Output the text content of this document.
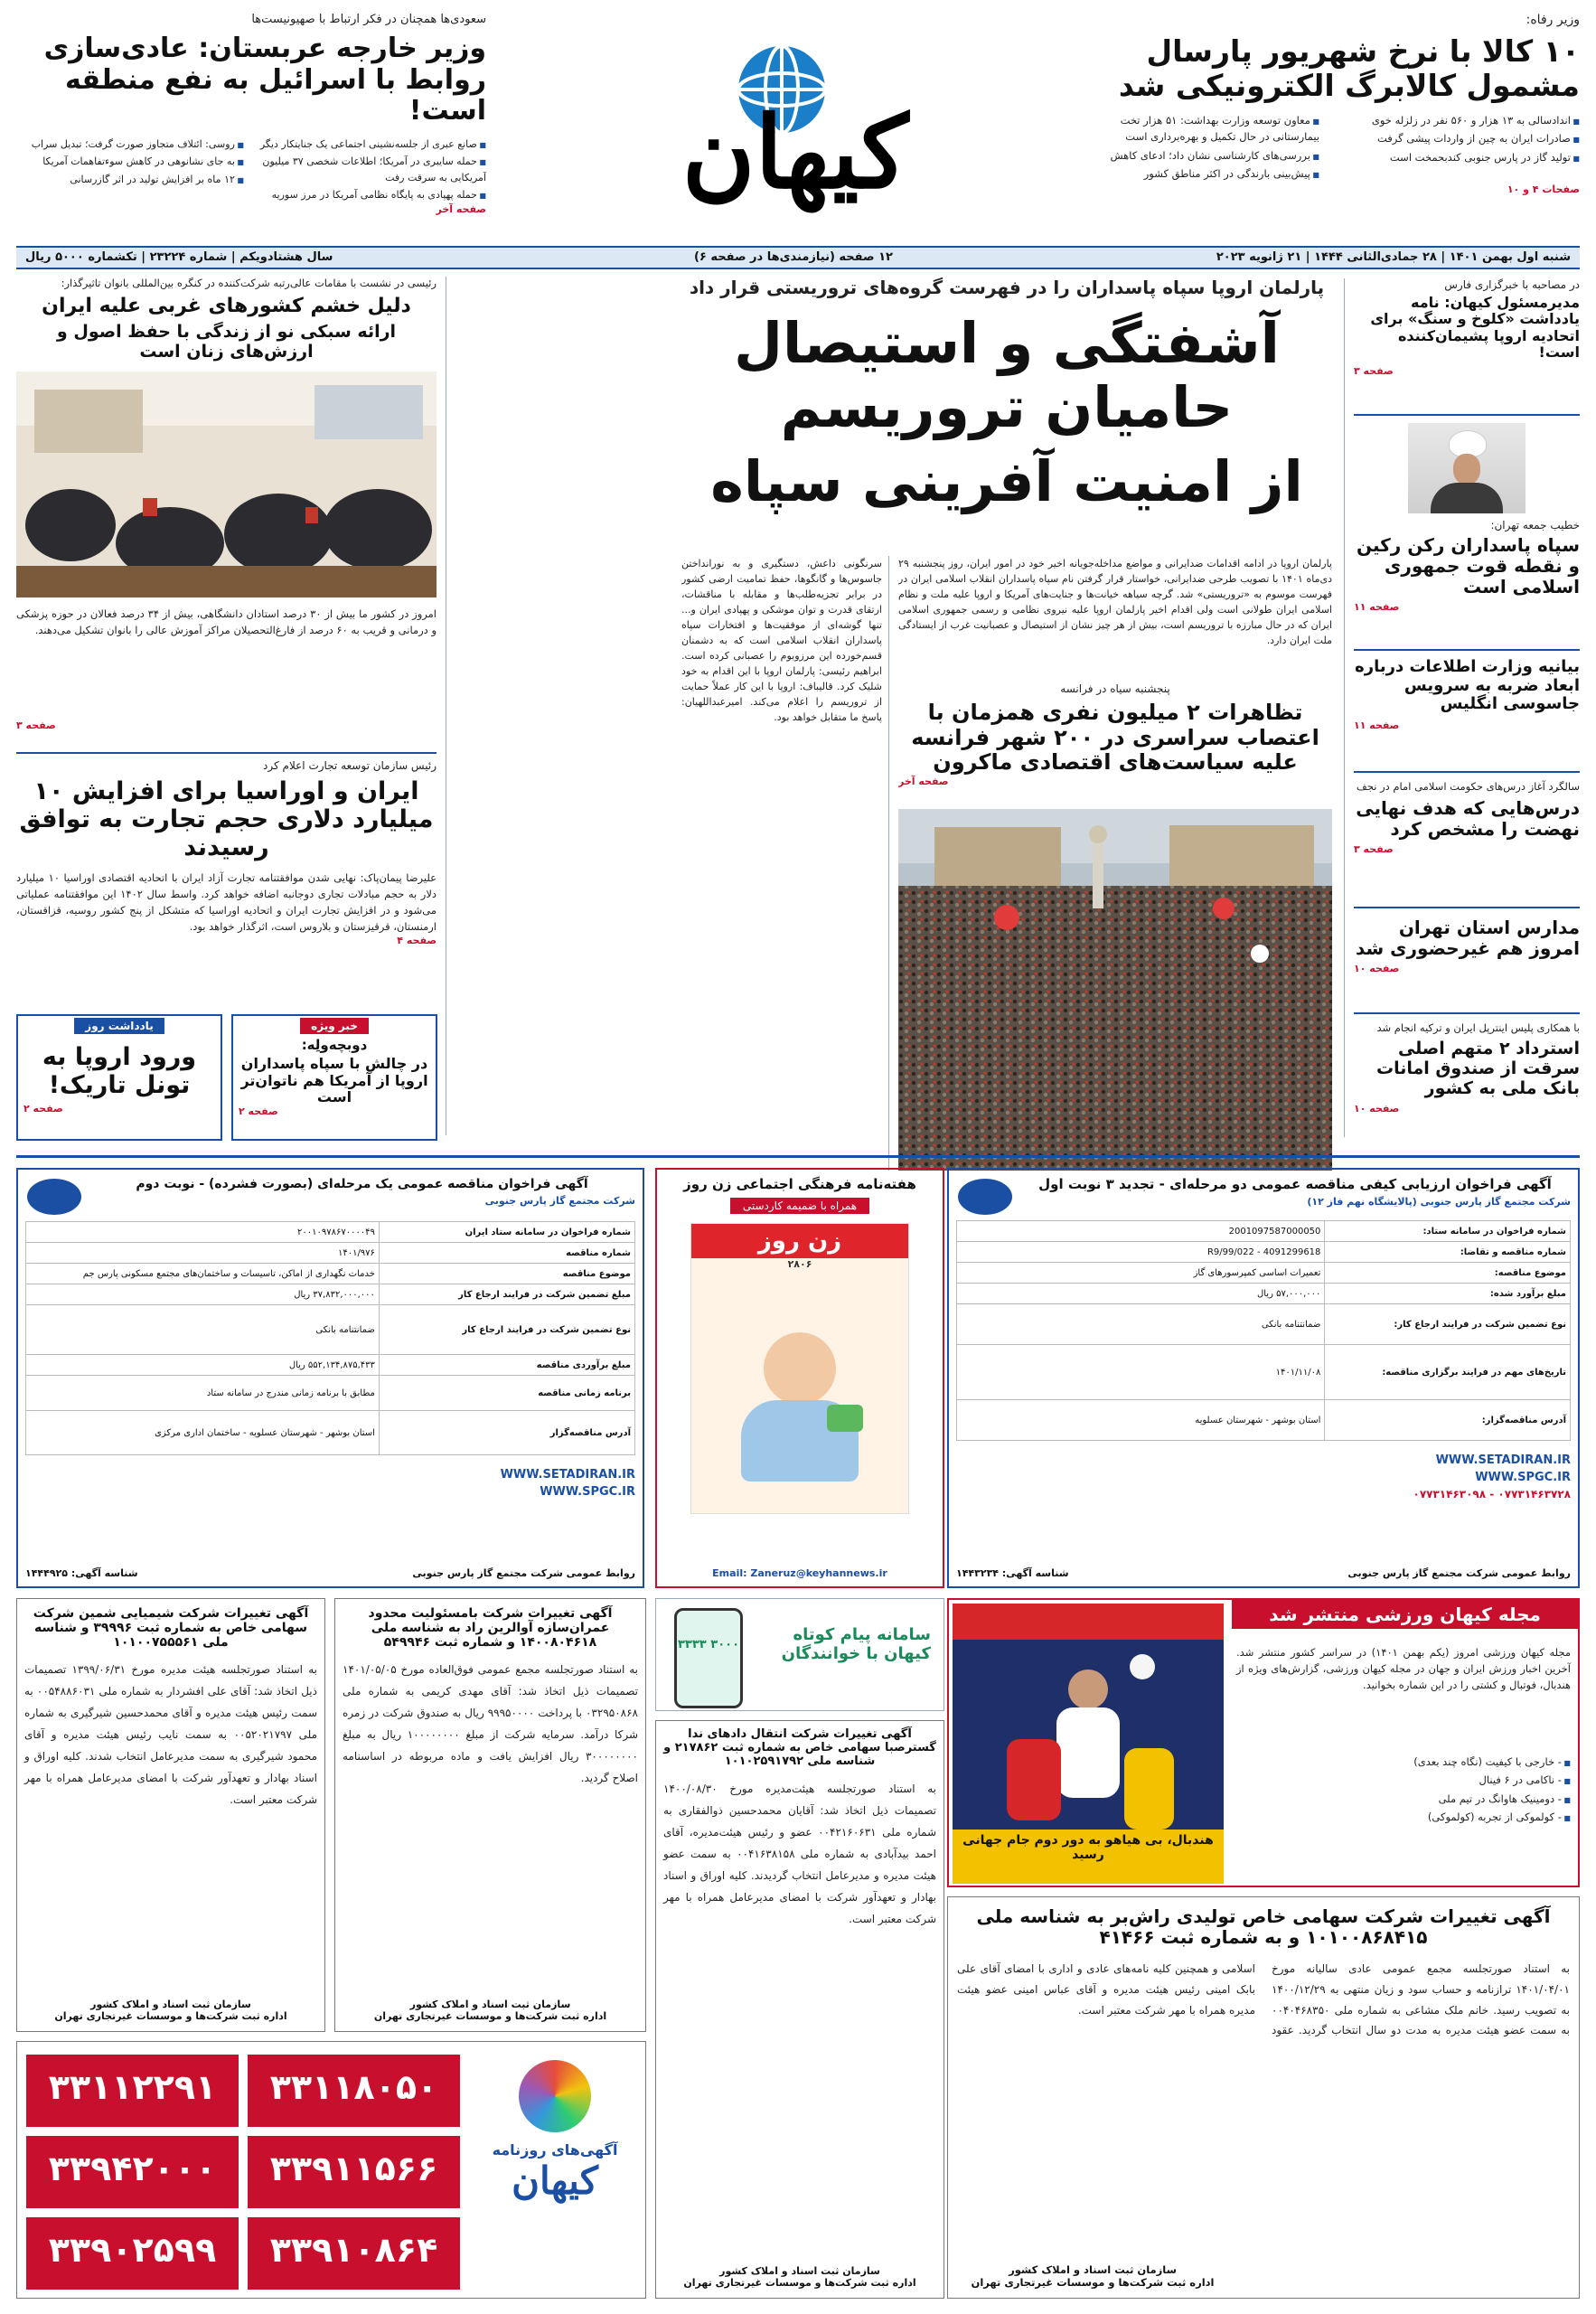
وزیر رفاه:
۱۰ کالا با نرخ شهریور پارسال مشمول کالابرگ الکترونیکی شد
■ اندادسالی به ۱۳ هزار و ۵۶۰ نفر در زلزله خوی
■ صادرات ایران به چین از واردات پیشی گرفت
■ تولید گاز در پارس جنوبی کندبحمخت است
■ معاون توسعه وزارت بهداشت: ۵۱ هزار تخت بیمارستانی در حال تکمیل و بهره‌برداری است
■ بررسی‌های کارشناسی نشان داد؛ ادعای کاهش
■ پیش‌بینی بارندگی در اکثر مناطق کشور
صفحات ۴ و ۱۰
کیهان
سعودی‌ها همچنان در فکر ارتباط با صهیونیست‌ها
وزیر خارجه عربستان: عادی‌سازی روابط با اسرائیل به نفع منطقه است!
■ صانع عبری از جلسه‌نشینی اجتماعی یک جنایتکار دیگر
■ حمله سایبری در آمریکا؛ اطلاعات شخصی ۳۷ میلیون آمریکایی به سرقت رفت
■ حمله پهپادی به پایگاه نظامی آمریکا در مرز سوریه
■ روسی: ائتلاف متجاوز صورت گرفت؛ تبدیل سراب
■ به جای نشانوهی در کاهش سوءتفاهمات آمریکا
■ ۱۲ ماه بر افزایش تولید در اثر گازرسانی
صفحه آخر
شنبه اول بهمن ۱۴۰۱ | ۲۸ جمادی‌الثانی ۱۴۴۴ | ۲۱ ژانویه ۲۰۲۳
۱۲ صفحه (نیازمندی‌ها در صفحه ۶)
سال هشتادویکم | شماره ۲۳۲۲۴ | تکشماره ۵۰۰۰ ریال
در مصاحبه با خبرگزاری فارس
مدیرمسئول کیهان: نامه‌ یادداشت «کلوخ و سنگ» برای اتحادیه اروپا پشیمان‌کننده است!
صفحه ۳
خطیب جمعه تهران:
سپاه پاسداران رکن رکین و نقطه قوت جمهوری اسلامی است
صفحه ۱۱
بیانیه وزارت اطلاعات درباره ابعاد ضربه به سرویس جاسوسی انگلیس
صفحه ۱۱
سالگرد آغاز درس‌های حکومت اسلامی امام در نجف
درس‌هایی که هدف نهایی نهضت را مشخص کرد
صفحه ۳
مدارس استان تهران امروز هم غیرحضوری شد
صفحه ۱۰
با همکاری پلیس اینترپل ایران و ترکیه انجام شد
استرداد ۲ متهم اصلی سرقت از صندوق امانات بانک ملی به کشور
صفحه ۱۰
پارلمان اروپا سپاه پاسداران را در فهرست گروه‌های تروریستی قرار داد
آشفتگی و استیصال حامیان تروریسم
از امنیت آفرینی سپاه
پارلمان اروپا در ادامه اقدامات ضدایرانی و مواضع مداخله‌جویانه اخیر خود در امور ایران، روز پنجشنبه ۲۹ دی‌ماه ۱۴۰۱ با تصویب طرحی ضدایرانی، خواستار قرار گرفتن نام سپاه پاسداران انقلاب اسلامی ایران در فهرست موسوم به «تروریستی» شد. گرچه سیاهه خیانت‌ها و جنایت‌های آمریکا و اروپا علیه ملت و نظام اسلامی ایران طولانی است ولی اقدام اخیر پارلمان اروپا علیه نیروی نظامی و رسمی جمهوری اسلامی ایران که در حال مبارزه با تروریسم است، بیش از هر چیز نشان از استیصال و عصبانیت غرب از ایستادگی ملت ایران دارد.
سرنگونی داعش، دستگیری و به نورانداختن جاسوس‌ها و گانگوها، حفظ تمامیت ارضی کشور در برابر تجزیه‌طلب‌ها و مقابله با مناقشات، ارتقای قدرت و توان موشکی و پهپادی ایران و... تنها گوشه‌ای از موفقیت‌ها و افتخارات سپاه پاسداران انقلاب اسلامی است که به دشمنان قسم‌خورده این مرزوبوم را عصبانی کرده است. ابراهیم رئیسی: پارلمان اروپا با این اقدام به خود شلیک کرد. قالیباف: اروپا با این کار عملاً حمایت از تروریسم را اعلام می‌کند. امیرعبداللهیان: پاسخ ما متقابل خواهد بود.
پنجشنبه سیاه در فرانسه
تظاهرات ۲ میلیون نفری همزمان با اعتصاب سراسری در ۲۰۰ شهر فرانسه علیه سیاست‌های اقتصادی ماکرون
صفحه آخر
رئیسی در نشست با مقامات عالی‌رتبه شرکت‌کننده در کنگره بین‌المللی بانوان تاثیرگذار:
دلیل خشم کشورهای غربی علیه ایران
ارائه سبکی نو از زندگی با حفظ اصول و ارزش‌های زنان است
امروز در کشور ما بیش از ۳۰ درصد استادان دانشگاهی، بیش از ۳۴ درصد فعالان در حوزه پزشکی و درمانی و قریب به ۶۰ درصد از فارغ‌التحصیلان مراکز آموزش عالی را بانوان تشکیل می‌دهند.
صفحه ۳
رئیس سازمان توسعه تجارت اعلام کرد
ایران و اوراسیا برای افزایش ۱۰ میلیارد دلاری حجم تجارت به توافق رسیدند
علیرضا پیمان‌پاک: نهایی شدن موافقتنامه تجارت آزاد ایران با اتحادیه اقتصادی اوراسیا ۱۰ میلیارد دلار به حجم مبادلات تجاری دوجانبه اضافه خواهد کرد. واسط سال ۱۴۰۲ این موافقتنامه عملیاتی می‌شود و در افزایش تجارت ایران و اتحادیه اوراسیا که متشکل از پنج کشور روسیه، قزاقستان، ارمنستان، قرقیزستان و بلاروس است، اثرگذار خواهد بود.
صفحه ۴
یادداشت روز
ورود اروپا به تونل تاریک!
صفحه ۲
خبر ویژه
دوبچه‌ولِه:
در چالش با سپاه پاسداران اروپا از آمریکا هم ناتوان‌تر است
صفحه ۲
آگهی فراخوان ارزیابی کیفی مناقصه عمومی دو مرحله‌ای - تجدید ۳ نوبت اول
شرکت مجتمع گاز پارس جنوبی (پالایشگاه نهم فاز ۱۲)
شماره فراخوان در سامانه ستاد:	2001097587000050
شماره مناقصه و تقاضا:	R9/99/022 - 4091299618
موضوع مناقصه:	تعمیرات اساسی کمپرسورهای گاز
مبلغ برآورد شده:	۵۷,۰۰۰,۰۰۰ ریال
نوع تضمین شرکت در فرایند ارجاع کار:	ضمانتنامه بانکی
تاریخ‌های مهم در فرایند برگزاری مناقصه:	۱۴۰۱/۱۱/۰۸
آدرس مناقصه‌گزار:	استان بوشهر - شهرستان عسلویه
WWW.SETADIRAN.IR
WWW.SPGC.IR
۰۷۷۳۱۴۶۳۷۲۸ - ۰۷۷۳۱۴۶۳۰۹۸
روابط عمومی شرکت مجتمع گاز پارس جنوبی
شناسه آگهی: ۱۴۴۳۲۳۴
هفته‌نامه فرهنگی اجتماعی زن روز
همراه با ضمیمه کاردستی
زن روز
۲۸۰۶
Email: Zaneruz@keyhannews.ir
آگهی فراخوان مناقصه عمومی یک مرحله‌ای (بصورت فشرده) - نوبت دوم
شرکت مجتمع گاز پارس جنوبی
شماره فراخوان در سامانه ستاد ایران	۲۰۰۱۰۹۷۸۶۷۰۰۰۰۴۹
شماره مناقصه	۱۴۰۱/۹۷۶
موضوع مناقصه	خدمات نگهداری از اماکن، تاسیسات و ساختمان‌های مجتمع مسکونی پارس جم
مبلغ تضمین شرکت در فرایند ارجاع کار	۳۷,۸۳۲,۰۰۰,۰۰۰ ریال
نوع تضمین شرکت در فرایند ارجاع کار	ضمانتنامه بانکی
مبلغ برآوردی مناقصه	۵۵۲,۱۳۴,۸۷۵,۴۳۳ ریال
برنامه زمانی مناقصه	مطابق با برنامه زمانی مندرج در سامانه ستاد
آدرس مناقصه‌گزار	استان بوشهر - شهرستان عسلویه - ساختمان اداری مرکزی
WWW.SETADIRAN.IR
WWW.SPGC.IR
روابط عمومی شرکت مجتمع گاز پارس جنوبی
شناسه آگهی: ۱۴۴۴۹۲۵
مجله کیهان ورزشی منتشر شد
مجله کیهان ورزشی امروز (یکم بهمن ۱۴۰۱) در سراسر کشور منتشر شد. آخرین اخبار ورزش ایران و جهان در مجله کیهان ورزشی، گزارش‌های ویژه از هندبال، فوتبال و کشتی را در این شماره بخوانید.
■ - خارجی با کیفیت (نگاه چند بعدی)
■ - ناکامی در ۶ فینال
■ - دومینیک هاوانگ در تیم ملی
■ - کولموکی از تجربه (کولموکی)
هندبال، بی هیاهو به دور دوم جام جهانی رسید
۳۰۰۰ ۳۳۳۳
سامانه پیام کوتاه کیهان با خوانندگان
آگهی تغییرات شرکت سهامی خاص تولیدی راش‌بر به شناسه ملی ۱۰۱۰۰۸۶۸۴۱۵ و به شماره ثبت ۴۱۴۶۶
به استناد صورتجلسه مجمع عمومی عادی سالیانه مورخ ۱۴۰۱/۰۴/۰۱ ترازنامه و حساب سود و زیان منتهی به ۱۴۰۰/۱۲/۲۹ به تصویب رسید. خانم ملک مشاعی به شماره ملی ۰۰۴۰۴۶۸۳۵۰ به سمت عضو هیئت مدیره به مدت دو سال انتخاب گردید. عقود اسلامی و همچنین کلیه نامه‌های عادی و اداری با امضای آقای علی بابک امینی رئیس هیئت مدیره و آقای عباس امینی عضو هیئت مدیره همراه با مهر شرکت معتبر است.
سازمان ثبت اسناد و املاک کشور
اداره ثبت شرکت‌ها و موسسات غیرتجاری تهران
آگهی تغییرات شرکت انتقال دادهای ندا گسترصبا سهامی خاص به شماره ثبت ۲۱۷۸۶۲ و شناسه ملی ۱۰۱۰۲۵۹۱۷۹۲
به استناد صورتجلسه هیئت‌مدیره مورخ ۱۴۰۰/۰۸/۳۰ تصمیمات ذیل اتخاذ شد: آقایان محمدحسین ذوالفقاری به شماره ملی ۰۰۴۲۱۶۰۶۳۱ عضو و رئیس هیئت‌مدیره، آقای احمد بیدآبادی به شماره ملی ۰۰۴۱۶۳۸۱۵۸ به سمت عضو هیئت مدیره و مدیرعامل انتخاب گردیدند. کلیه اوراق و اسناد بهادار و تعهدآور شرکت با امضای مدیرعامل همراه با مهر شرکت معتبر است.
سازمان ثبت اسناد و املاک کشور
اداره ثبت شرکت‌ها و موسسات غیرتجاری تهران
آگهی تغییرات شرکت بامسئولیت محدود عمران‌سازه آوالرین راد به شناسه ملی ۱۴۰۰۸۰۴۶۱۸ و شماره ثبت ۵۴۹۹۴۶
به استناد صورتجلسه مجمع عمومی فوق‌العاده مورخ ۱۴۰۱/۰۵/۰۵ تصمیمات ذیل اتخاذ شد: آقای مهدی کریمی به شماره ملی ۰۳۲۹۵۰۸۶۸ با پرداخت ۹۹۹۵۰۰۰۰ ریال به صندوق شرکت در زمره شرکا درآمد. سرمایه شرکت از مبلغ ۱۰۰۰۰۰۰۰۰ ریال به مبلغ ۳۰۰۰۰۰۰۰۰ ریال افزایش یافت و ماده مربوطه در اساسنامه اصلاح گردید.
سازمان ثبت اسناد و املاک کشور
اداره ثبت شرکت‌ها و موسسات غیرتجاری تهران
آگهی تغییرات شرکت شیمیایی شمین شرکت سهامی خاص به شماره ثبت ۳۹۹۹۶ و شناسه ملی ۱۰۱۰۰۷۵۵۵۶۱
به استناد صورتجلسه هیئت مدیره مورخ ۱۳۹۹/۰۶/۳۱ تصمیمات ذیل اتخاذ شد: آقای علی افشردار به شماره ملی ۰۰۵۴۸۸۶۰۳۱ به سمت رئیس هیئت مدیره و آقای محمدحسین شیرگیری به شماره ملی ۰۰۵۲۰۲۱۷۹۷ به سمت نایب رئیس هیئت مدیره و آقای محمود شیرگیری به سمت مدیرعامل انتخاب شدند. کلیه اوراق و اسناد بهادار و تعهدآور شرکت با امضای مدیرعامل همراه با مهر شرکت معتبر است.
سازمان ثبت اسناد و املاک کشور
اداره ثبت شرکت‌ها و موسسات غیرتجاری تهران
آگهی‌های روزنامه
کیهان
۳۳۱۱۸۰۵۰
۳۳۱۱۲۲۹۱
۳۳۹۱۱۵۶۶
۳۳۹۴۲۰۰۰
۳۳۹۱۰۸۶۴
۳۳۹۰۲۵۹۹
